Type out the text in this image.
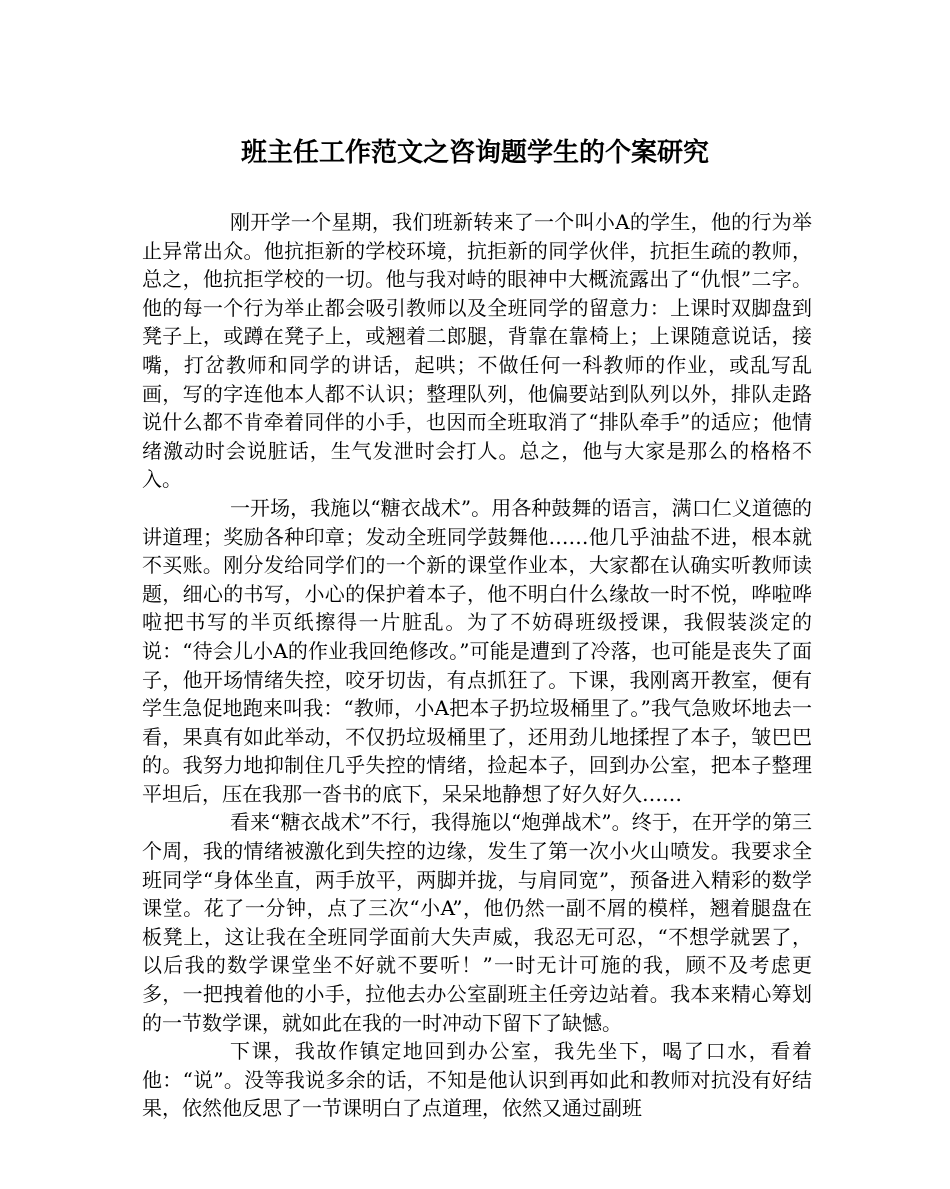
班主任工作范文之咨询题学生的个案研究

刚开学一个星期，我们班新转来了一个叫小A的学生，他的行为举止异常出众。他抗拒新的学校环境，抗拒新的同学伙伴，抗拒生疏的教师，总之，他抗拒学校的一切。他与我对峙的眼神中大概流露出了“仇恨”二字。他的每一个行为举止都会吸引教师以及全班同学的留意力：上课时双脚盘到凳子上，或蹲在凳子上，或翘着二郎腿，背靠在靠椅上；上课随意说话，接嘴，打岔教师和同学的讲话，起哄；不做任何一科教师的作业，或乱写乱画，写的字连他本人都不认识；整理队列，他偏要站到队列以外，排队走路说什么都不肯牵着同伴的小手，也因而全班取消了“排队牵手”的适应；他情绪激动时会说脏话，生气发泄时会打人。总之，他与大家是那么的格格不入。

一开场，我施以“糖衣战术”。用各种鼓舞的语言，满口仁义道德的讲道理；奖励各种印章；发动全班同学鼓舞他……他几乎油盐不进，根本就不买账。刚分发给同学们的一个新的课堂作业本，大家都在认确实听教师读题，细心的书写，小心的保护着本子，他不明白什么缘故一时不悦，哗啦哗啦把书写的半页纸擦得一片脏乱。为了不妨碍班级授课，我假装淡定的说：“待会儿小A的作业我回绝修改。”可能是遭到了冷落，也可能是丧失了面子，他开场情绪失控，咬牙切齿，有点抓狂了。下课，我刚离开教室，便有学生急促地跑来叫我：“教师，小A把本子扔垃圾桶里了。”我气急败坏地去一看，果真有如此举动，不仅扔垃圾桶里了，还用劲儿地揉捏了本子，皱巴巴的。我努力地抑制住几乎失控的情绪，捡起本子，回到办公室，把本子整理平坦后，压在我那一沓书的底下，呆呆地静想了好久好久……

看来“糖衣战术”不行，我得施以“炮弹战术”。终于，在开学的第三个周，我的情绪被激化到失控的边缘，发生了第一次小火山喷发。我要求全班同学“身体坐直，两手放平，两脚并拢，与肩同宽”，预备进入精彩的数学课堂。花了一分钟，点了三次“小A”，他仍然一副不屑的模样，翘着腿盘在板凳上，这让我在全班同学面前大失声威，我忍无可忍，“不想学就罢了，以后我的数学课堂坐不好就不要听！”一时无计可施的我，顾不及考虑更多，一把拽着他的小手，拉他去办公室副班主任旁边站着。我本来精心筹划的一节数学课，就如此在我的一时冲动下留下了缺憾。

下课，我故作镇定地回到办公室，我先坐下，喝了口水，看着他：“说”。没等我说多余的话，不知是他认识到再如此和教师对抗没有好结果，依然他反思了一节课明白了点道理，依然又通过副班
